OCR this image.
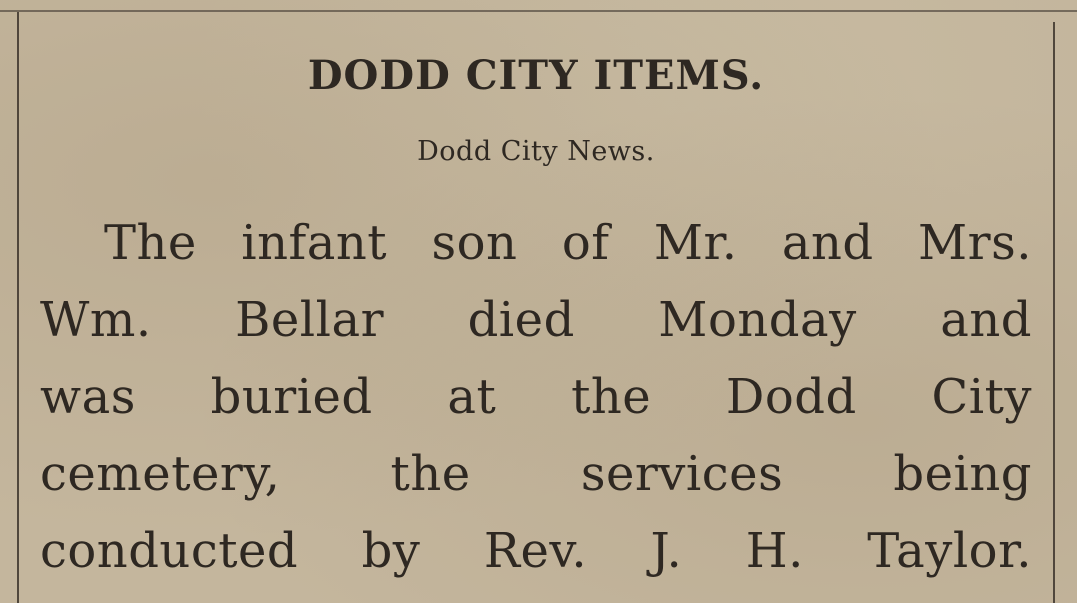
DODD CITY ITEMS.
Dodd City News.
The infant son of Mr. and Mrs.
Wm. Bellar died Monday and
was buried at the Dodd City
cemetery, the services being
conducted by Rev. J. H. Taylor.
